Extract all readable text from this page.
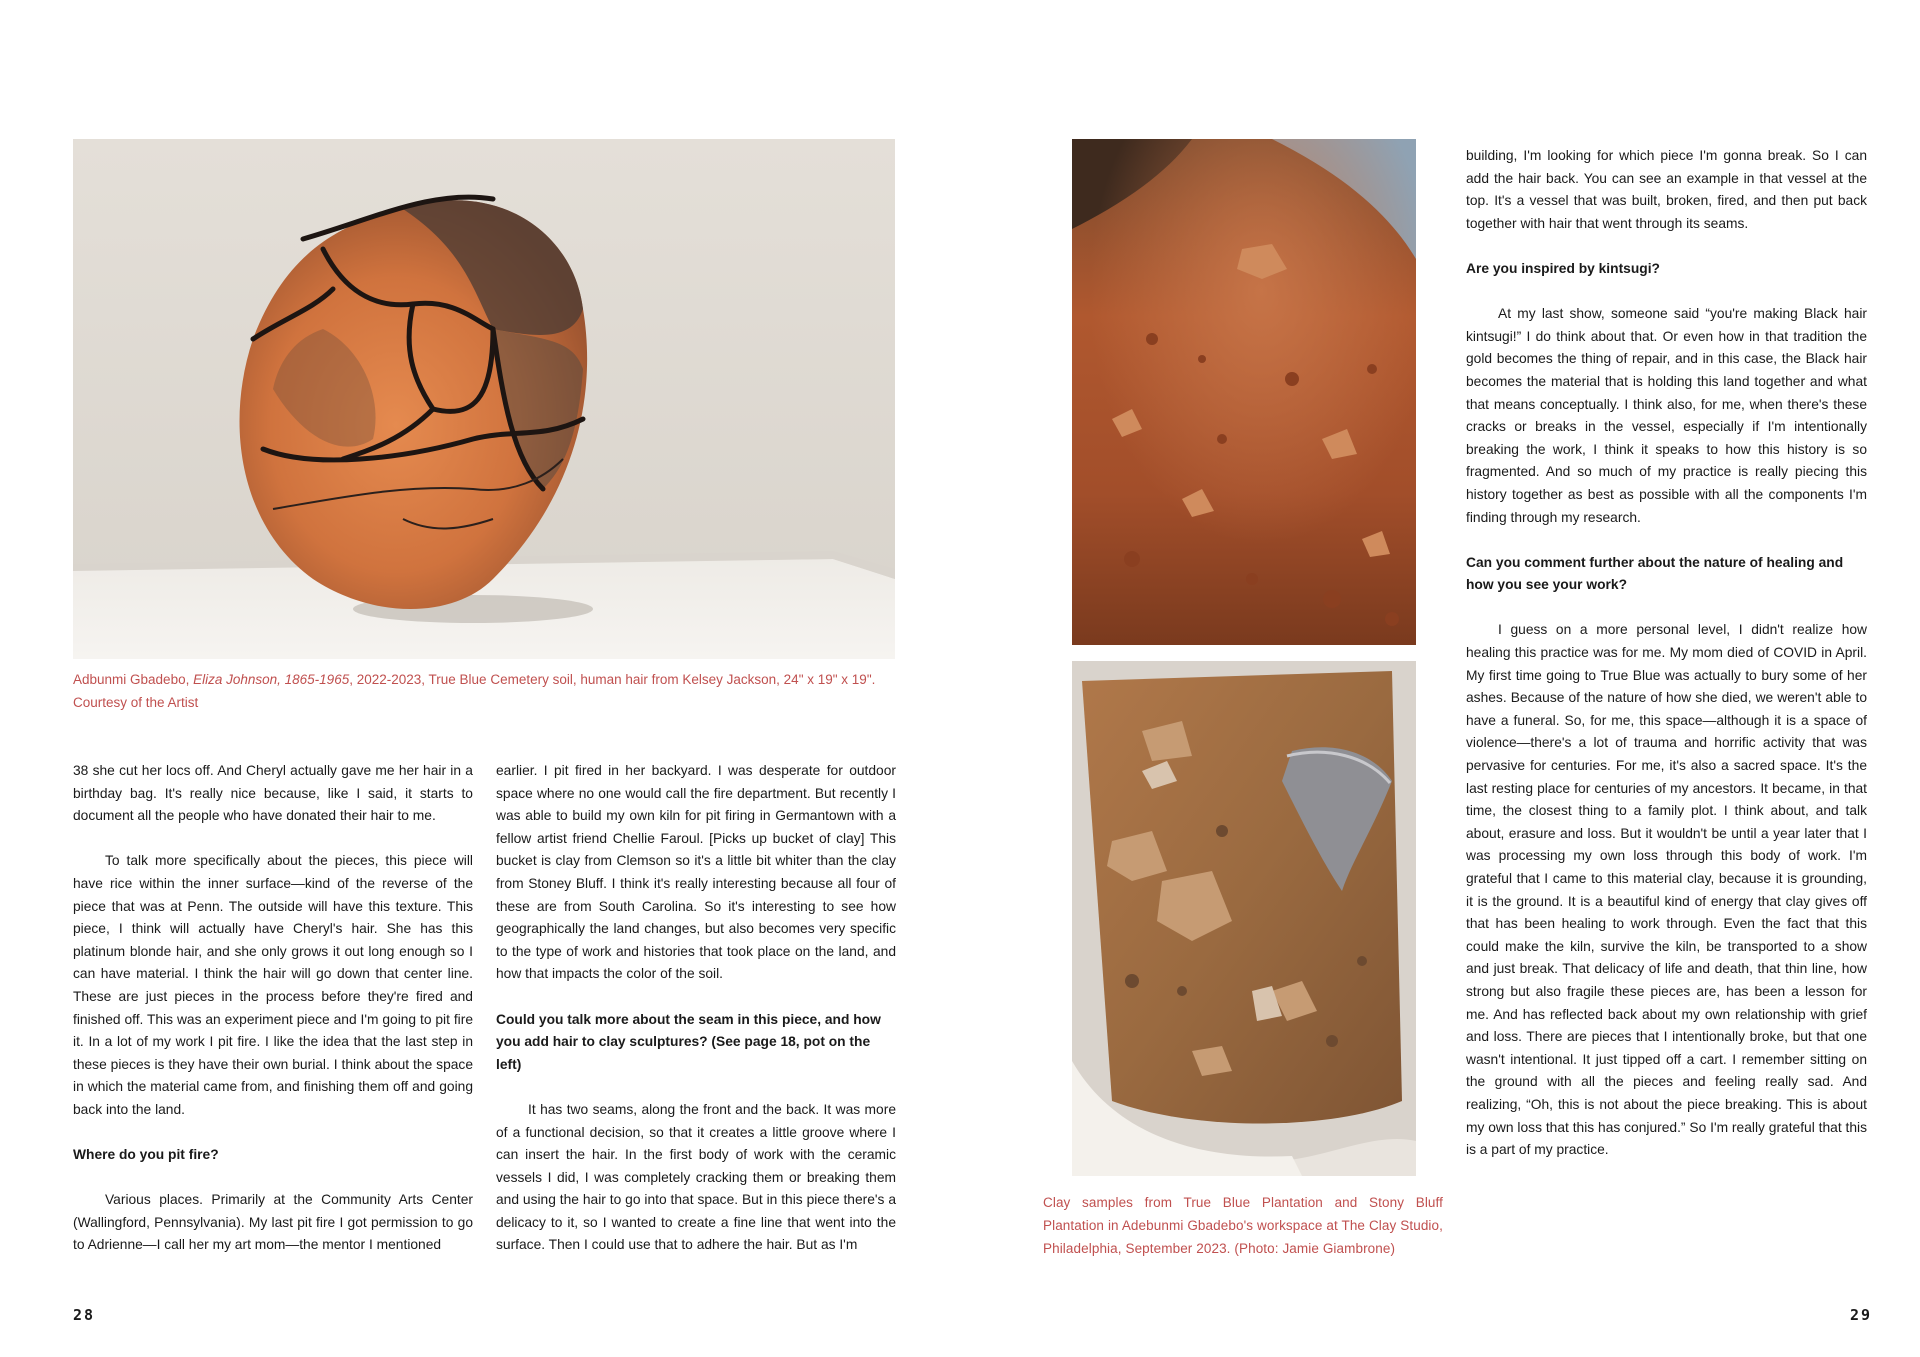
Adbunmi Gbadebo, Eliza Johnson, 1865-1965, 2022-2023, True Blue Cemetery soil, human hair from Kelsey Jackson, 24" x 19" x 19". Courtesy of the Artist

38 she cut her locs off. And Cheryl actually gave me her hair in a birthday bag. It's really nice because, like I said, it starts to document all the people who have donated their hair to me.

To talk more specifically about the pieces, this piece will have rice within the inner surface—kind of the reverse of the piece that was at Penn. The outside will have this texture. This piece, I think will actually have Cheryl's hair. She has this platinum blonde hair, and she only grows it out long enough so I can have material. I think the hair will go down that center line. These are just pieces in the process before they're fired and finished off. This was an experiment piece and I'm going to pit fire it. In a lot of my work I pit fire. I like the idea that the last step in these pieces is they have their own burial. I think about the space in which the material came from, and finishing them off and going back into the land.

Where do you pit fire?

Various places. Primarily at the Community Arts Center (Wallingford, Pennsylvania). My last pit fire I got permission to go to Adrienne—I call her my art mom—the mentor I mentioned

earlier. I pit fired in her backyard. I was desperate for outdoor space where no one would call the fire department. But recently I was able to build my own kiln for pit firing in Germantown with a fellow artist friend Chellie Faroul. [Picks up bucket of clay] This bucket is clay from Clemson so it's a little bit whiter than the clay from Stoney Bluff. I think it's really interesting because all four of these are from South Carolina. So it's interesting to see how geographically the land changes, but also becomes very specific to the type of work and histories that took place on the land, and how that impacts the color of the soil.

Could you talk more about the seam in this piece, and how you add hair to clay sculptures? (See page 18, pot on the left)

It has two seams, along the front and the back. It was more of a functional decision, so that it creates a little groove where I can insert the hair. In the first body of work with the ceramic vessels I did, I was completely cracking them or breaking them and using the hair to go into that space. But in this piece there's a delicacy to it, so I wanted to create a fine line that went into the surface. Then I could use that to adhere the hair. But as I'm

28
Clay samples from True Blue Plantation and Stony Bluff Plantation in Adebunmi Gbadebo's workspace at The Clay Studio, Philadelphia, September 2023. (Photo: Jamie Giambrone)

building, I'm looking for which piece I'm gonna break. So I can add the hair back. You can see an example in that vessel at the top. It's a vessel that was built, broken, fired, and then put back together with hair that went through its seams.

Are you inspired by kintsugi?

At my last show, someone said “you're making Black hair kintsugi!” I do think about that. Or even how in that tradition the gold becomes the thing of repair, and in this case, the Black hair becomes the material that is holding this land together and what that means conceptually. I think also, for me, when there's these cracks or breaks in the vessel, especially if I'm intentionally breaking the work, I think it speaks to how this history is so fragmented. And so much of my practice is really piecing this history together as best as possible with all the components I'm finding through my research.

Can you comment further about the nature of healing and how you see your work?

I guess on a more personal level, I didn't realize how healing this practice was for me. My mom died of COVID in April. My first time going to True Blue was actually to bury some of her ashes. Because of the nature of how she died, we weren't able to have a funeral. So, for me, this space—although it is a space of violence—there's a lot of trauma and horrific activity that was pervasive for centuries. For me, it's also a sacred space. It's the last resting place for centuries of my ancestors. It became, in that time, the closest thing to a family plot. I think about, and talk about, erasure and loss. But it wouldn't be until a year later that I was processing my own loss through this body of work. I'm grateful that I came to this material clay, because it is grounding, it is the ground. It is a beautiful kind of energy that clay gives off that has been healing to work through. Even the fact that this could make the kiln, survive the kiln, be transported to a show and just break. That delicacy of life and death, that thin line, how strong but also fragile these pieces are, has been a lesson for me. And has reflected back about my own relationship with grief and loss. There are pieces that I intentionally broke, but that one wasn't intentional. It just tipped off a cart. I remember sitting on the ground with all the pieces and feeling really sad. And realizing, “Oh, this is not about the piece breaking. This is about my own loss that this has conjured.” So I'm really grateful that this is a part of my practice.

29
